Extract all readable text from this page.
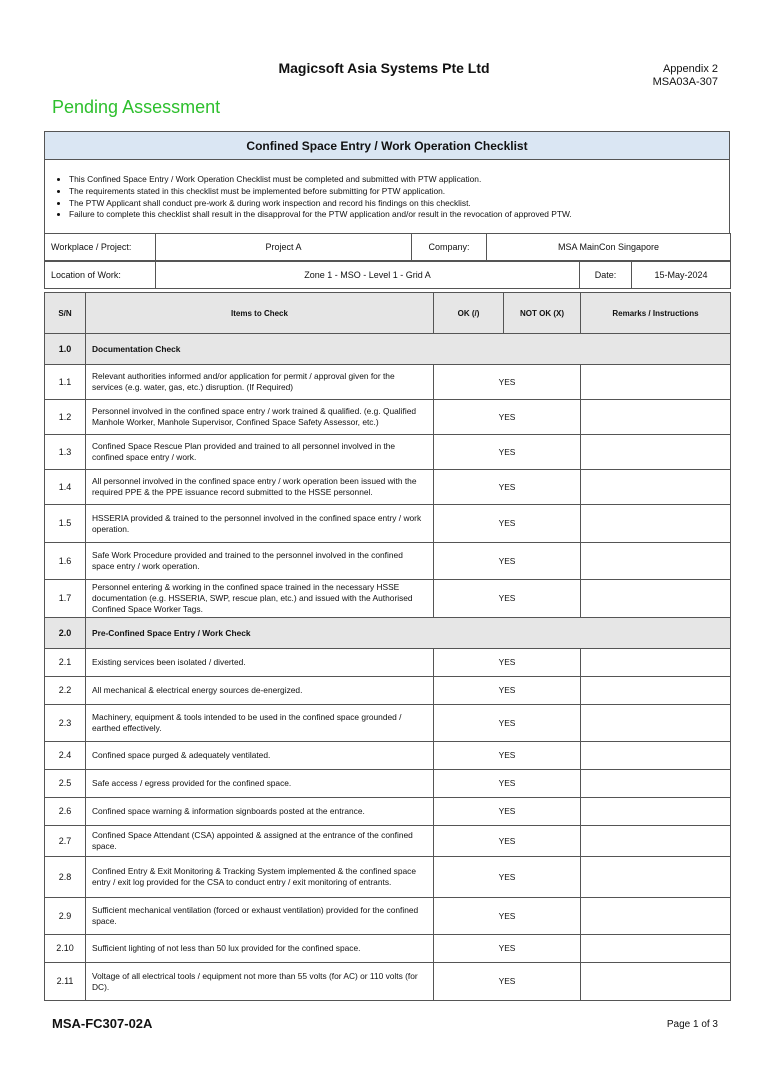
Magicsoft Asia Systems Pte Ltd	Appendix 2
MSA03A-307
Pending Assessment
Confined Space Entry / Work Operation Checklist
• This Confined Space Entry / Work Operation Checklist must be completed and submitted with PTW application.
• The requirements stated in this checklist must be implemented before submitting for PTW application.
• The PTW Applicant shall conduct pre-work & during work inspection and record his findings on this checklist.
• Failure to complete this checklist shall result in the disapproval for the PTW application and/or result in the revocation of approved PTW.
Workplace / Project:	Project A	Company:	MSA MainCon Singapore
Location of Work:	Zone 1 - MSO - Level 1 - Grid A	Date:	15-May-2024
S/N	Items to Check	OK (/)	NOT OK (X)	Remarks / Instructions
1.0	Documentation Check			
1.1	Relevant authorities informed and/or application for permit / approval given for the services (e.g. water, gas, etc.) disruption. (If Required)	YES		
1.2	Personnel involved in the confined space entry / work trained & qualified. (e.g. Qualified Manhole Worker, Manhole Supervisor, Confined Space Safety Assessor, etc.)	YES		
1.3	Confined Space Rescue Plan provided and trained to all personnel involved in the confined space entry / work.	YES		
1.4	All personnel involved in the confined space entry / work operation been issued with the required PPE & the PPE issuance record submitted to the HSSE personnel.	YES		
1.5	HSSERIA provided & trained to the personnel involved in the confined space entry / work operation.	YES		
1.6	Safe Work Procedure provided and trained to the personnel involved in the confined space entry / work operation.	YES		
1.7	Personnel entering & working in the confined space trained in the necessary HSSE documentation (e.g. HSSERIA, SWP, rescue plan, etc.) and issued with the Authorised Confined Space Worker Tags.	YES		
2.0	Pre-Confined Space Entry / Work Check			
2.1	Existing services been isolated / diverted.	YES		
2.2	All mechanical & electrical energy sources de-energized.	YES		
2.3	Machinery, equipment & tools intended to be used in the confined space grounded / earthed effectively.	YES		
2.4	Confined space purged & adequately ventilated.	YES		
2.5	Safe access / egress provided for the confined space.	YES		
2.6	Confined space warning & information signboards posted at the entrance.	YES		
2.7	Confined Space Attendant (CSA) appointed & assigned at the entrance of the confined space.	YES		
2.8	Confined Entry & Exit Monitoring & Tracking System implemented & the confined space entry / exit log provided for the CSA to conduct entry / exit monitoring of entrants.	YES		
2.9	Sufficient mechanical ventilation (forced or exhaust ventilation) provided for the confined space.	YES		
2.10	Sufficient lighting of not less than 50 lux provided for the confined space.	YES		
2.11	Voltage of all electrical tools / equipment not more than 55 volts (for AC) or 110 volts (for DC).	YES		
MSA-FC307-02A	Page 1 of 3
